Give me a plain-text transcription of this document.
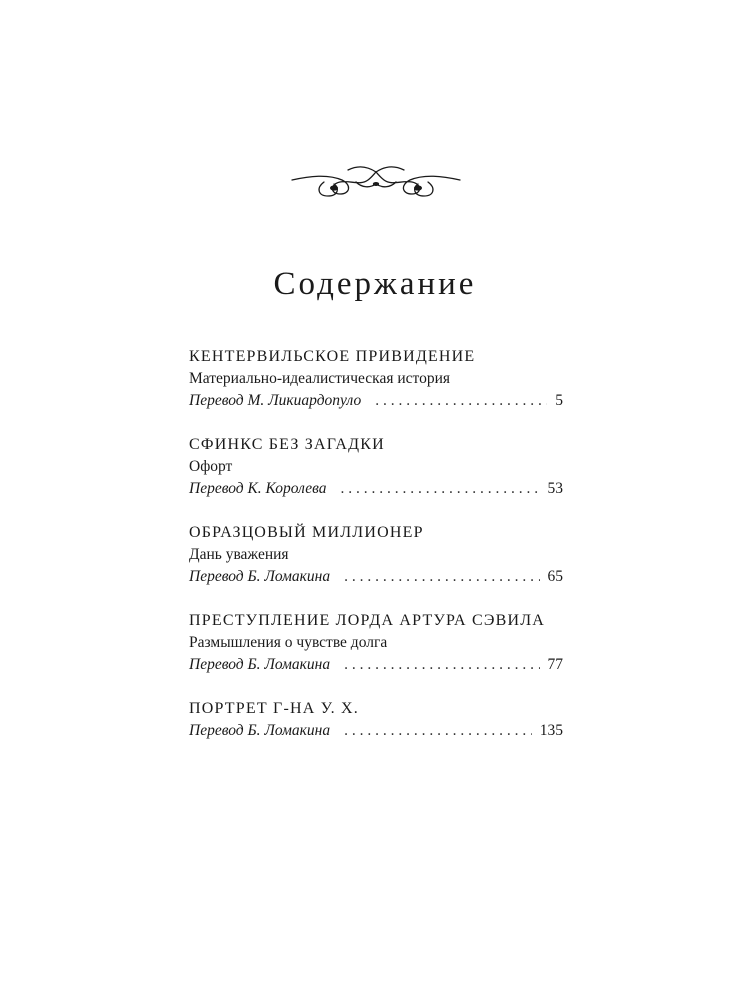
Содержание
КЕНТЕРВИЛЬСКОЕ ПРИВИДЕНИЕ
Материально-идеалистическая история
Перевод М. Ликиардопуло . . .	5
СФИНКС БЕЗ ЗАГАДКИ
Офорт
Перевод К. Королева . . .	53
ОБРАЗЦОВЫЙ МИЛЛИОНЕР
Дань уважения
Перевод Б. Ломакина . . .	65
ПРЕСТУПЛЕНИЕ ЛОРДА АРТУРА СЭВИЛА
Размышления о чувстве долга
Перевод Б. Ломакина . . .	77
ПОРТРЕТ Г-НА У. Х.
Перевод Б. Ломакина . . .	135
